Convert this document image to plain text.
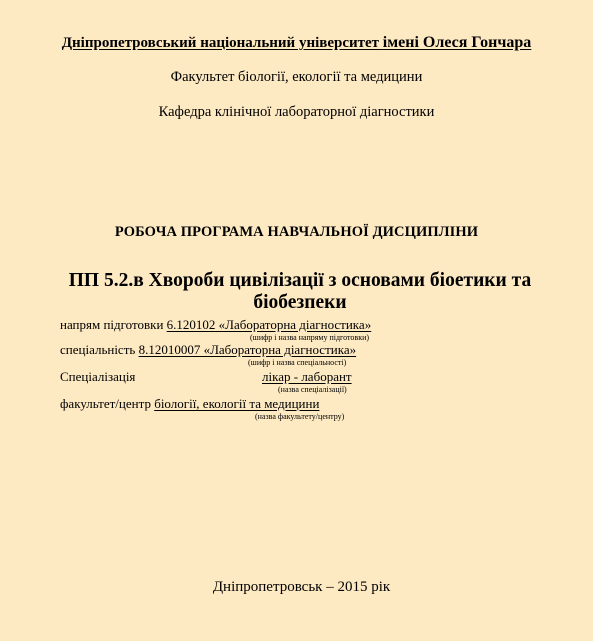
Дніпропетровський національний університет імені Олеся Гончара
Факультет біології, екології та медицини
Кафедра клінічної лабораторної діагностики
РОБОЧА ПРОГРАМА НАВЧАЛЬНОЇ ДИСЦИПЛІНИ
ПП 5.2.в Хвороби цивілізації з основами біоетики та біобезпеки
напрям підготовки 6.120102 «Лабораторна діагностика»
(шифр і назва напряму підготовки)
спеціальність 8.12010007 «Лабораторна діагностика»
(шифр і назва спеціальності)
Спеціалізація	лікар - лаборант
(назва спеціалізації)
факультет/центр біології, екології та медицини
(назва факультету/центру)
Дніпропетровськ – 2015 рік
